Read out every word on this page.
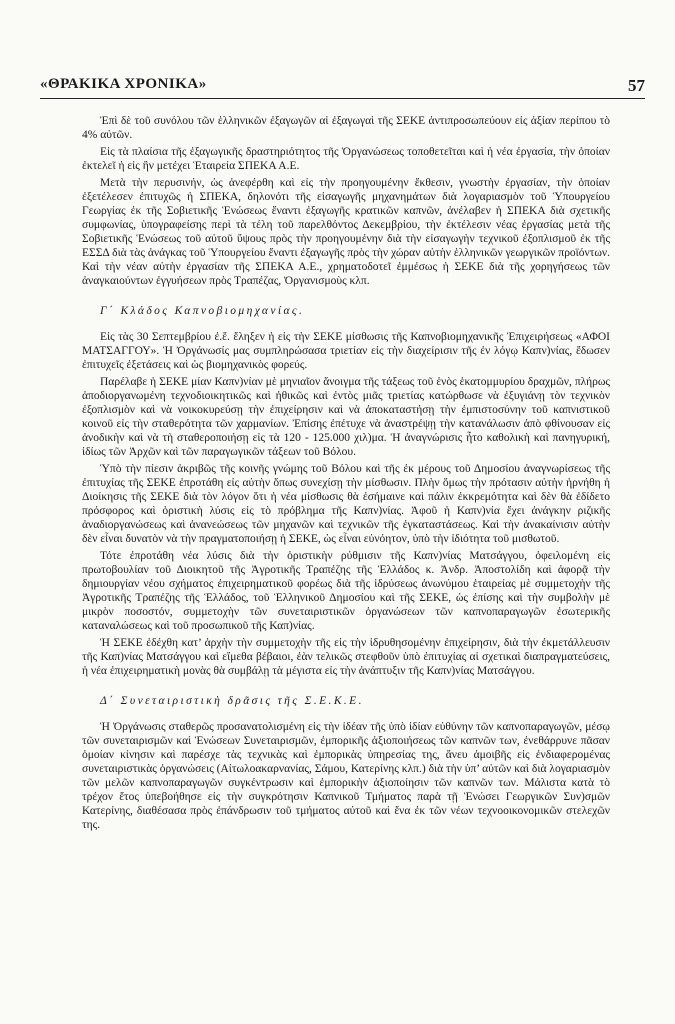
«ΘΡΑΚΙΚΑ ΧΡΟΝΙΚΑ»	57

Ἐπὶ δὲ τοῦ συνόλου τῶν ἑλληνικῶν ἐξαγωγῶν αἱ ἐξαγωγαὶ τῆς ΣΕΚΕ ἀντιπροσωπεύουν εἰς ἀξίαν περίπου τὸ 4% αὐτῶν.

Εἰς τὰ πλαίσια τῆς ἐξαγωγικῆς δραστηριότητος τῆς Ὀργανώσεως τοποθετεῖται καὶ ἡ νέα ἐργασία, τὴν ὁποίαν ἐκτελεῖ ἡ εἰς ἣν μετέχει Ἑταιρεία ΣΠΕΚΑ Α.Ε.

Μετὰ τὴν περυσινήν, ὡς ἀνεφέρθη καὶ εἰς τὴν προηγουμένην ἔκθεσιν, γνωστὴν ἐργασίαν, τὴν ὁποίαν ἐξετέλεσεν ἐπιτυχῶς ἡ ΣΠΕΚΑ, δηλονότι τῆς εἰσαγωγῆς μηχανημάτων διὰ λογαριασμὸν τοῦ Ὑπουργείου Γεωργίας ἐκ τῆς Σοβιετικῆς Ἑνώσεως ἔναντι ἐξαγωγῆς κρατικῶν καπνῶν, ἀνέλαβεν ἡ ΣΠΕΚΑ διὰ σχετικῆς συμφωνίας, ὑπογραφείσης περὶ τὰ τέλη τοῦ παρελθόντος Δεκεμβρίου, τὴν ἐκτέλεσιν νέας ἐργασίας μετὰ τῆς Σοβιετικῆς Ἑνώσεως τοῦ αὐτοῦ ὕψους πρὸς τὴν προηγουμένην διὰ τὴν εἰσαγωγὴν τεχνικοῦ ἐξοπλισμοῦ ἐκ τῆς ΕΣΣΔ διὰ τὰς ἀνάγκας τοῦ Ὑπουργείου ἔναντι ἐξαγωγῆς πρὸς τὴν χώραν αὐτὴν ἑλληνικῶν γεωργικῶν προϊόντων. Καὶ τὴν νέαν αὐτὴν ἐργασίαν τῆς ΣΠΕΚΑ Α.Ε., χρηματοδοτεῖ ἐμμέσως ἡ ΣΕΚΕ διὰ τῆς χορηγήσεως τῶν ἀναγκαιούντων ἐγγυήσεων πρὸς Τραπέζας, Ὀργανισμοὺς κλπ.

Γ΄ Κλάδος Καπνοβιομηχανίας.

Εἰς τὰς 30 Σεπτεμβρίου ἐ.ἔ. ἔληξεν ἡ εἰς τὴν ΣΕΚΕ μίσθωσις τῆς Καπνοβιομηχανικῆς Ἐπιχειρήσεως «ΑΦΟΙ ΜΑΤΣΑΓΓΟΥ». Ἡ Ὀργάνωσίς μας συμπληρώσασα τριετίαν εἰς τὴν διαχείρισιν τῆς ἐν λόγῳ Καπν)νίας, ἔδωσεν ἐπιτυχεῖς ἐξετάσεις καὶ ὡς βιομηχανικὸς φορεύς.

Παρέλαβε ἡ ΣΕΚΕ μίαν Καπν)νίαν μὲ μηνιαῖον ἄνοιγμα τῆς τάξεως τοῦ ἑνὸς ἑκατομμυρίου δραχμῶν, πλήρως ἀποδιοργανωμένη τεχνοδιοικητικῶς καὶ ἠθικῶς καὶ ἐντὸς μιᾶς τριετίας κατώρθωσε νὰ ἐξυγιάνῃ τὸν τεχνικὸν ἐξοπλισμὸν καὶ νὰ νοικοκυρεύσῃ τὴν ἐπιχείρησιν καὶ νὰ ἀποκαταστήσῃ τὴν ἐμπιστοσύνην τοῦ καπνιστικοῦ κοινοῦ εἰς τὴν σταθερότητα τῶν χαρμανίων. Ἐπίσης ἐπέτυχε νὰ ἀναστρέψῃ τὴν κατανάλωσιν ἀπὸ φθίνουσαν εἰς ἀνοδικὴν καὶ νὰ τὴ σταθεροποιήσῃ εἰς τὰ 120 - 125.000 χιλ)μα. Ἡ ἀναγνώρισις ἦτο καθολικὴ καὶ πανηγυρική, ἰδίως τῶν Ἀρχῶν καὶ τῶν παραγωγικῶν τάξεων τοῦ Βόλου.

Ὑπὸ τὴν πίεσιν ἀκριβῶς τῆς κοινῆς γνώμης τοῦ Βόλου καὶ τῆς ἐκ μέρους τοῦ Δημοσίου ἀναγνωρίσεως τῆς ἐπιτυχίας τῆς ΣΕΚΕ ἐπροτάθη εἰς αὐτὴν ὅπως συνεχίσῃ τὴν μίσθωσιν. Πλὴν ὅμως τὴν πρότασιν αὐτὴν ἠρνήθη ἡ Διοίκησις τῆς ΣΕΚΕ διὰ τὸν λόγον ὅτι ἡ νέα μίσθωσις θὰ ἐσήμαινε καὶ πάλιν ἐκκρεμότητα καὶ δὲν θὰ ἐδίδετο πρόσφορος καὶ ὁριστικὴ λύσις εἰς τὸ πρόβλημα τῆς Καπν)νίας. Ἀφοῦ ἡ Καπν)νία ἔχει ἀνάγκην ριζικῆς ἀναδιοργανώσεως καὶ ἀνανεώσεως τῶν μηχανῶν καὶ τεχνικῶν τῆς ἐγκαταστάσεως. Καὶ τὴν ἀνακαίνισιν αὐτὴν δὲν εἶναι δυνατὸν νὰ τὴν πραγματοποιήσῃ ἡ ΣΕΚΕ, ὡς εἶναι εὐνόητον, ὑπὸ τὴν ἰδιότητα τοῦ μισθωτοῦ.

Τότε ἐπροτάθη νέα λύσις διὰ τὴν ὁριστικὴν ρύθμισιν τῆς Καπν)νίας Ματσάγγου, ὀφειλομένη εἰς πρωτοβουλίαν τοῦ Διοικητοῦ τῆς Ἀγροτικῆς Τραπέζης τῆς Ἑλλάδος κ. Ἀνδρ. Ἀποστολίδη καὶ ἀφορᾷ τὴν δημιουργίαν νέου σχήματος ἐπιχειρηματικοῦ φορέως διὰ τῆς ἱδρύσεως ἀνωνύμου ἑταιρείας μὲ συμμετοχὴν τῆς Ἀγροτικῆς Τραπέζης τῆς Ἑλλάδος, τοῦ Ἑλληνικοῦ Δημοσίου καὶ τῆς ΣΕΚΕ, ὡς ἐπίσης καὶ τὴν συμβολὴν μὲ μικρὸν ποσοστόν, συμμετοχὴν τῶν συνεταιριστικῶν ὀργανώσεων τῶν καπνοπαραγωγῶν ἐσωτερικῆς καταναλώσεως καὶ τοῦ προσωπικοῦ τῆς Καπ)νίας.

Ἡ ΣΕΚΕ ἐδέχθη κατ’ ἀρχὴν τὴν συμμετοχὴν τῆς εἰς τὴν ἱδρυθησομένην ἐπιχείρησιν, διὰ τὴν ἐκμετάλλευσιν τῆς Καπ)νίας Ματσάγγου καὶ εἴμεθα βέβαιοι, ἐὰν τελικῶς στεφθοῦν ὑπὸ ἐπιτυχίας αἱ σχετικαὶ διαπραγματεύσεις, ἡ νέα ἐπιχειρηματικὴ μονὰς θὰ συμβάλῃ τὰ μέγιστα εἰς τὴν ἀνάπτυξιν τῆς Καπν)νίας Ματσάγγου.

Δ΄ Συνεταιριστικὴ δρᾶσις τῆς Σ.Ε.Κ.Ε.

Ἡ Ὀργάνωσις σταθερῶς προσανατολισμένη εἰς τὴν ἰδέαν τῆς ὑπὸ ἰδίαν εὐθύνην τῶν καπνοπαραγωγῶν, μέσῳ τῶν συνεταιρισμῶν καὶ Ἑνώσεων Συνεταιρισμῶν, ἐμπορικῆς ἀξιοποιήσεως τῶν καπνῶν των, ἐνεθάρρυνε πᾶσαν ὁμοίαν κίνησιν καὶ παρέσχε τὰς τεχνικὰς καὶ ἐμπορικὰς ὑπηρεσίας της, ἄνευ ἀμοιβῆς εἰς ἐνδιαφερομένας συνεταιριστικὰς ὀργανώσεις (Αἰτωλοακαρνανίας, Σάμου, Κατερίνης κλπ.) διὰ τὴν ὑπ’ αὐτῶν καὶ διὰ λογαριασμὸν τῶν μελῶν καπνοπαραγωγῶν συγκέντρωσιν καὶ ἐμπορικὴν ἀξιοποίησιν τῶν καπνῶν των. Μάλιστα κατὰ τὸ τρέχον ἔτος ὑπεβοήθησε εἰς τὴν συγκρότησιν Καπνικοῦ Τμήματος παρὰ τῇ Ἑνώσει Γεωργικῶν Συν)σμῶν Κατερίνης, διαθέσασα πρὸς ἐπάνδρωσιν τοῦ τμήματος αὐτοῦ καὶ ἕνα ἐκ τῶν νέων τεχνοοικονομικῶν στελεχῶν της.
